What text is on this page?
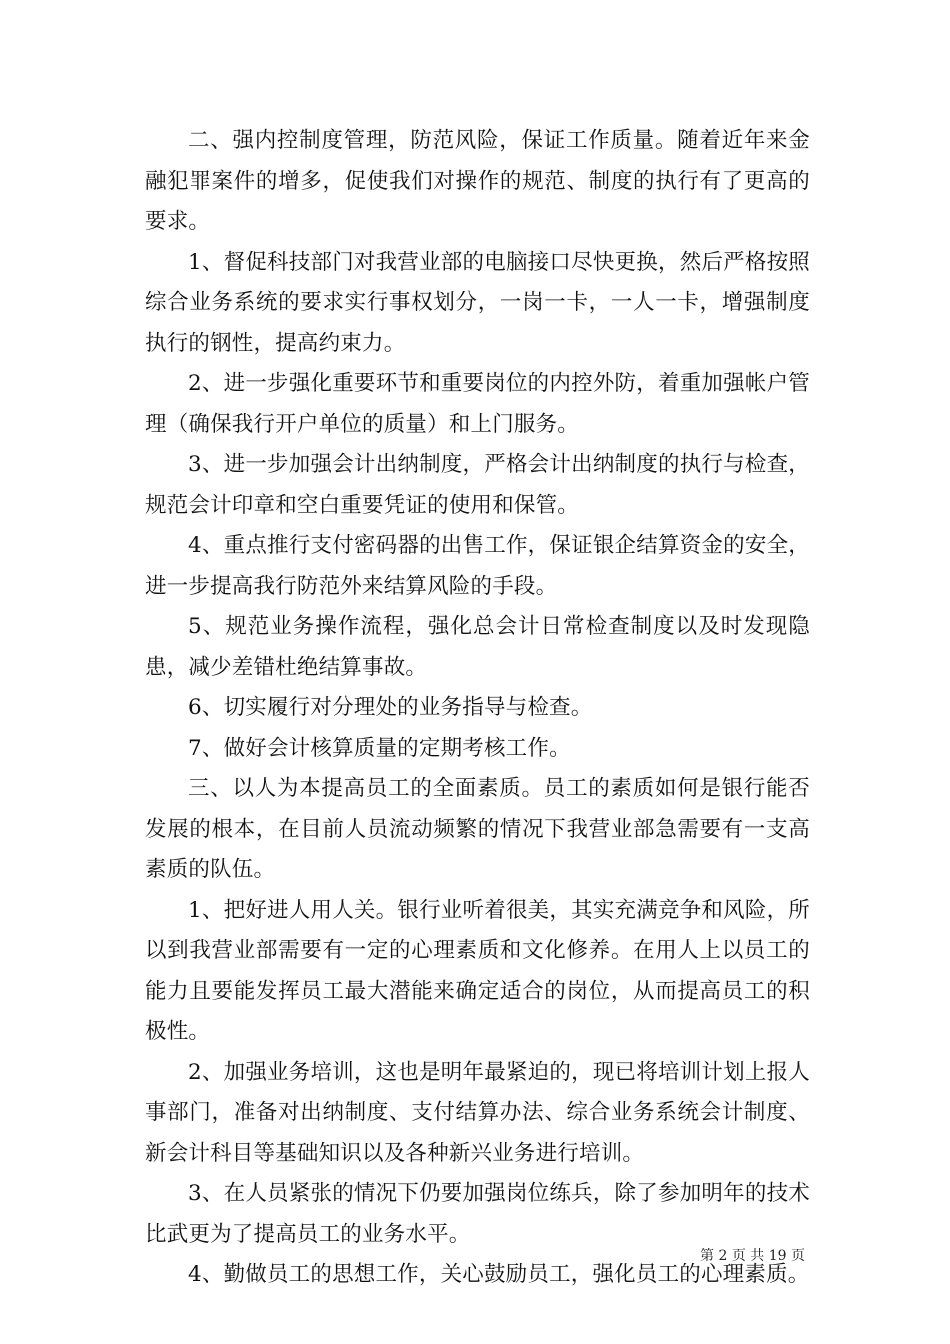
二、强内控制度管理，防范风险，保证工作质量。随着近年来金融犯罪案件的增多，促使我们对操作的规范、制度的执行有了更高的要求。

1、督促科技部门对我营业部的电脑接口尽快更换，然后严格按照综合业务系统的要求实行事权划分，一岗一卡，一人一卡，增强制度执行的钢性，提高约束力。

2、进一步强化重要环节和重要岗位的内控外防，着重加强帐户管理（确保我行开户单位的质量）和上门服务。

3、进一步加强会计出纳制度，严格会计出纳制度的执行与检查，规范会计印章和空白重要凭证的使用和保管。

4、重点推行支付密码器的出售工作，保证银企结算资金的安全，进一步提高我行防范外来结算风险的手段。

5、规范业务操作流程，强化总会计日常检查制度以及时发现隐患，减少差错杜绝结算事故。

6、切实履行对分理处的业务指导与检查。

7、做好会计核算质量的定期考核工作。

三、以人为本提高员工的全面素质。员工的素质如何是银行能否发展的根本，在目前人员流动频繁的情况下我营业部急需要有一支高素质的队伍。

1、把好进人用人关。银行业听着很美，其实充满竞争和风险，所以到我营业部需要有一定的心理素质和文化修养。在用人上以员工的能力且要能发挥员工最大潜能来确定适合的岗位，从而提高员工的积极性。

2、加强业务培训，这也是明年最紧迫的，现已将培训计划上报人事部门，准备对出纳制度、支付结算办法、综合业务系统会计制度、新会计科目等基础知识以及各种新兴业务进行培训。

3、在人员紧张的情况下仍要加强岗位练兵，除了参加明年的技术比武更为了提高员工的业务水平。

4、勤做员工的思想工作，关心鼓励员工，强化员工的心理素质。

第 2 页 共 19 页
